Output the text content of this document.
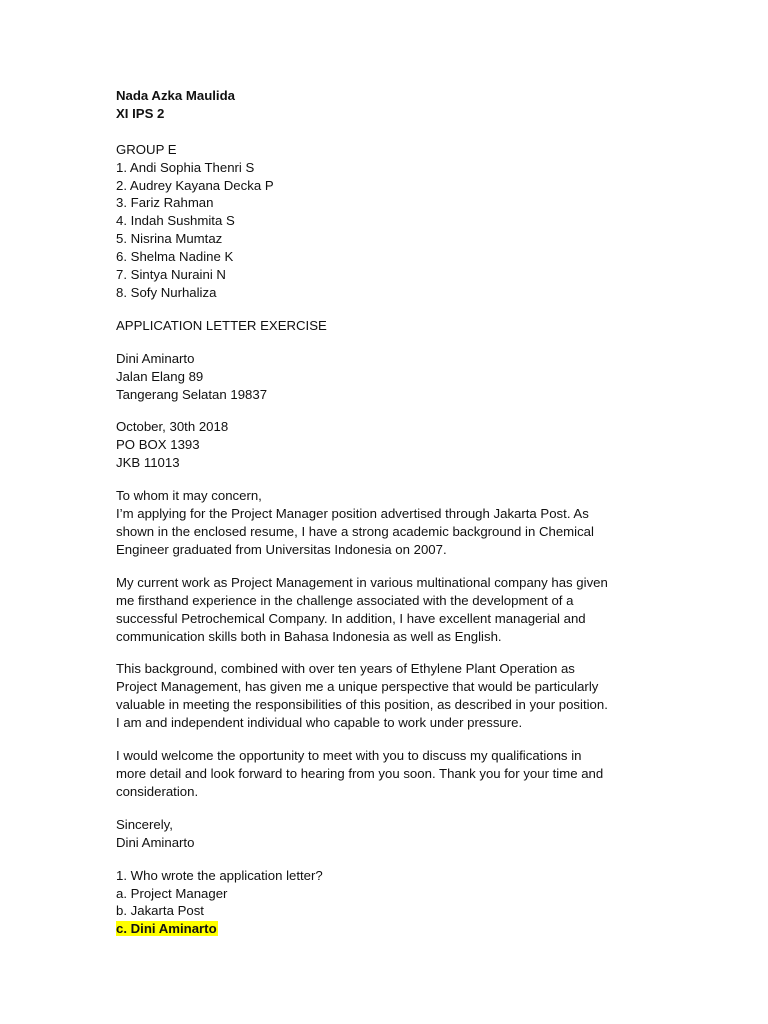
Nada Azka Maulida
XI IPS 2
GROUP E
1. Andi Sophia Thenri S
2. Audrey Kayana Decka P
3. Fariz Rahman
4. Indah Sushmita S
5. Nisrina Mumtaz
6. Shelma Nadine K
7. Sintya Nuraini N
8. Sofy Nurhaliza
APPLICATION LETTER EXERCISE
Dini Aminarto
Jalan Elang 89
Tangerang Selatan 19837
October, 30th 2018
PO BOX 1393
JKB 11013
To whom it may concern,
I’m applying for the Project Manager position advertised through Jakarta Post. As
shown in the enclosed resume, I have a strong academic background in Chemical
Engineer graduated from Universitas Indonesia on 2007.
My current work as Project Management in various multinational company has given
me firsthand experience in the challenge associated with the development of a
successful Petrochemical Company. In addition, I have excellent managerial and
communication skills both in Bahasa Indonesia as well as English.
This background, combined with over ten years of Ethylene Plant Operation as
Project Management, has given me a unique perspective that would be particularly
valuable in meeting the responsibilities of this position, as described in your position.
I am and independent individual who capable to work under pressure.
I would welcome the opportunity to meet with you to discuss my qualifications in
more detail and look forward to hearing from you soon. Thank you for your time and
consideration.
Sincerely,
Dini Aminarto
1. Who wrote the application letter?
a. Project Manager
b. Jakarta Post
c. Dini Aminarto
